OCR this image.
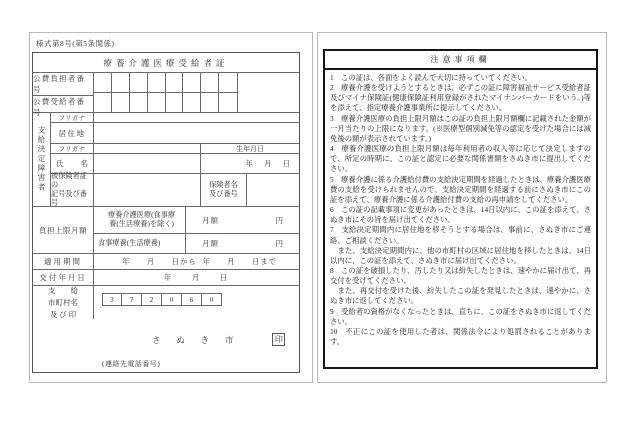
様式第8号(第5条関係)
療養介護医療受給者証
公費負担者番号
公費受給者番号
支給決定障害者
フリガナ
居住地
フリガナ	生年月日
氏 名	年　月　日
被保険者証の
記号及び番号
保険者名
及び番号
負担上限月額
療養介護医療(食事療
養(生活療養)を除く)	月額	円
食事療養(生活療養)	月額	円
適用期間	年　　月　　日から 年　　月　　日まで
交付年月日	年　　月　　日
支　　給
市町村名
及 び 印
3	7	2	0	6	0
さ ぬ き 市	印
(連絡先電話番号)
注意事項欄

1　この証は、各面をよく読んで大切に持っていてください。

2　療養介護を受けようとするときは、必ずこの証に障害福祉サービス受給者証及びマイナ保険証(健康保険証利用登録がされたマイナンバーカードをいう。)等を添えて、指定療養介護事業所に提示してください。

3　療養介護医療の負担上限月額はこの証の負担上限月額欄に記載された金額が一月当たりの上限になります。(※医療型個別減免等の認定を受けた場合には減免後の額が表示されています。)

4　療養介護医療の負担上限月額は毎年利用者の収入等に応じて決定しますので、所定の時期に、この証と認定に必要な関係書類をさぬき市に提出してください。

5　療養介護に係る介護給付費の支給決定期間を経過したときは、療養介護医療費の支給を受けられませんので、支給決定期間を経過する前にさぬき市にこの証を添えて、療養介護に係る介護給付費の支給の再申請をしてください。

6　この証の記載事項に変更があったときは、14日以内に、この証を添えて、さぬき市にその旨を届け出てください。

7　支給決定期間内に居住地を移そうとする場合は、事前に、さぬき市にご連絡、ご相談ください。

　また、支給決定期間内に、他の市町村の区域に居住地を移したときは、14日以内に、この証を添えて、さぬき市に届け出てください。

8　この証を破損したり、汚したり又は紛失したときは、速やかに届け出て、再交付を受けてください。

　また、再交付を受けた後、紛失したこの証を発見したときは、速やかに、さぬき市に返してください。

9　受給者の資格がなくなったときは、直ちに、この証をさぬき市に返してください。

10　不正にこの証を使用した者は、関係法令により処罰されることがあります。
